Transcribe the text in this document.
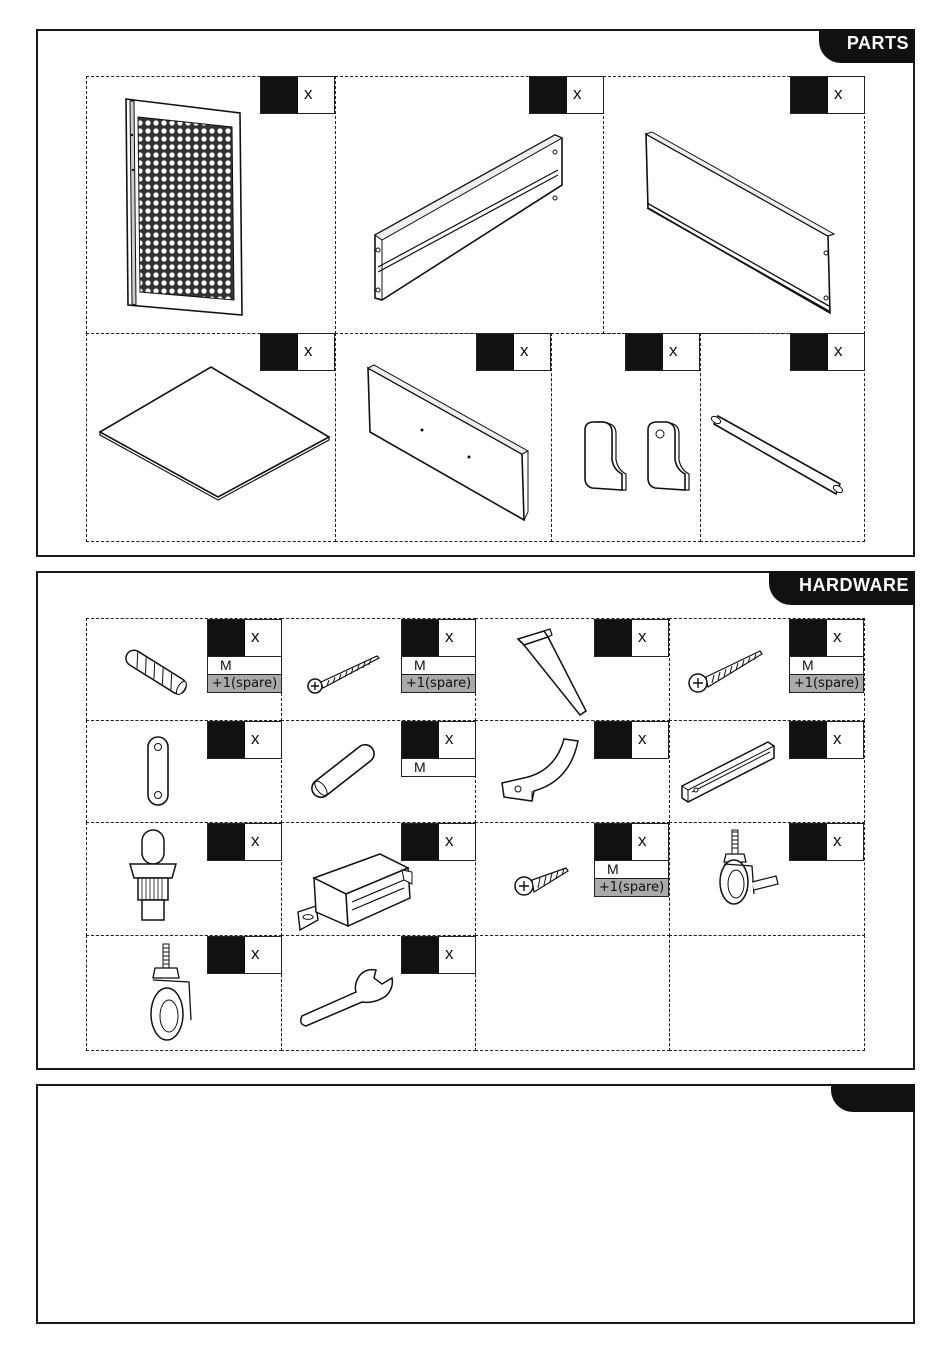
PARTS
x	x	x
x	x	x	x
HARDWARE
x
M
+1(spare)
x
M
+1(spare)
x	x
M
+1(spare)
x	x
M
x	x
x	x	x
M
+1(spare)
x
x	x
